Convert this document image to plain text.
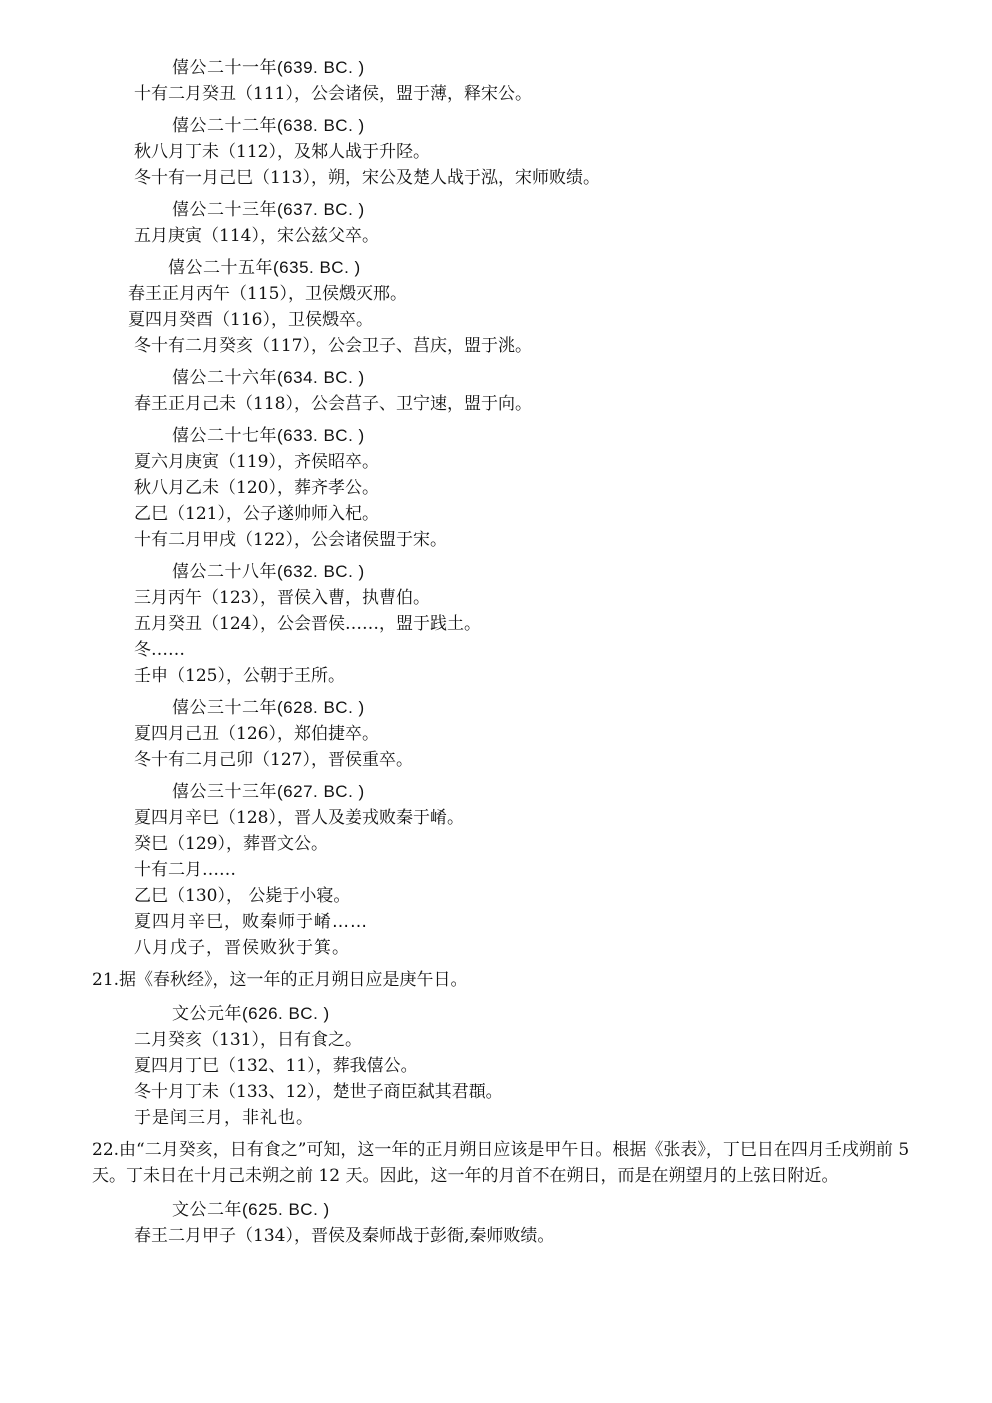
僖公二十一年(639. BC. )
十有二月癸丑（111），公会诸侯，盟于薄，释宋公。
僖公二十二年(638. BC. )
秋八月丁未（112），及邾人战于升陉。
冬十有一月己巳（113），朔，宋公及楚人战于泓，宋师败绩。
僖公二十三年(637. BC. )
五月庚寅（114），宋公兹父卒。
僖公二十五年(635. BC. )
春王正月丙午（115），卫侯燬灭邢。
夏四月癸酉（116），卫侯燬卒。
冬十有二月癸亥（117），公会卫子、莒庆，盟于洮。
僖公二十六年(634. BC. )
春王正月己未（118），公会莒子、卫宁速，盟于向。
僖公二十七年(633. BC. )
夏六月庚寅（119），齐侯昭卒。
秋八月乙未（120），葬齐孝公。
乙巳（121），公子遂帅师入杞。
十有二月甲戌（122），公会诸侯盟于宋。
僖公二十八年(632. BC. )
三月丙午（123），晋侯入曹，执曹伯。
五月癸丑（124），公会晋侯……，盟于践土。
冬……
壬申（125），公朝于王所。
僖公三十二年(628. BC. )
夏四月己丑（126），郑伯捷卒。
冬十有二月己卯（127），晋侯重卒。
僖公三十三年(627. BC. )
夏四月辛巳（128），晋人及姜戎败秦于崤。
癸巳（129），葬晋文公。
十有二月……
乙巳（130）， 公毙于小寝。
夏四月辛巳，败秦师于崤……
八月戊子，晋侯败狄于箕。
21.据《春秋经》，这一年的正月朔日应是庚午日。
文公元年(626. BC. )
二月癸亥（131），日有食之。
夏四月丁巳（132、11），葬我僖公。
冬十月丁未（133、12），楚世子商臣弑其君頵。
于是闰三月，非礼也。
22.由“二月癸亥，日有食之”可知，这一年的正月朔日应该是甲午日。根据《张表》，丁巳日在四月壬戌朔前 5 天。丁未日在十月己未朔之前 12 天。因此，这一年的月首不在朔日，而是在朔望月的上弦日附近。
文公二年(625. BC. )
春王二月甲子（134），晋侯及秦师战于彭衙,秦师败绩。
